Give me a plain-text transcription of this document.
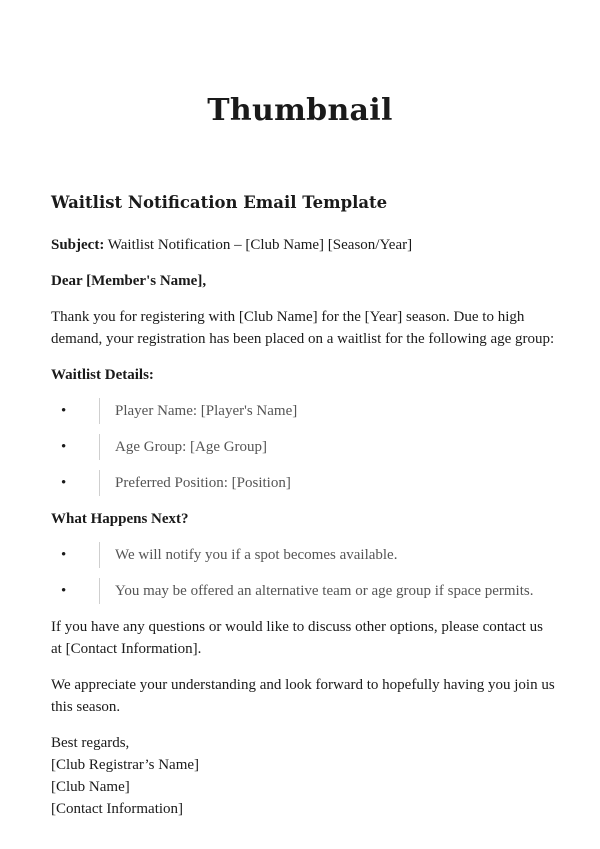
Thumbnail
Waitlist Notification Email Template

Subject: Waitlist Notification – [Club Name] [Season/Year]

Dear [Member's Name],

Thank you for registering with [Club Name] for the [Year] season. Due to high demand, your registration has been placed on a waitlist for the following age group:

Waitlist Details:

•	Player Name: [Player's Name]
•	Age Group: [Age Group]
•	Preferred Position: [Position]

What Happens Next?

•	We will notify you if a spot becomes available.
•	You may be offered an alternative team or age group if space permits.

If you have any questions or would like to discuss other options, please contact us at [Contact Information].

We appreciate your understanding and look forward to hopefully having you join us this season.

Best regards,
[Club Registrar’s Name]
[Club Name]
[Contact Information]
